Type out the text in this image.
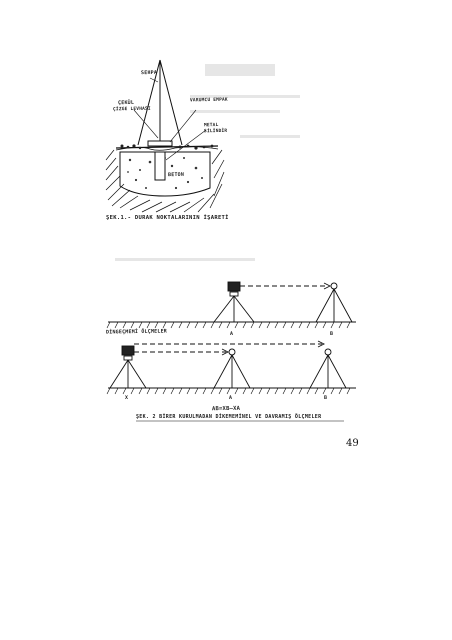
SEHPA
ÇEKÜL
ÇİZGE LEVHASI
VARUMCU EMPAK
METAL SİLİNDİR
BETON
ŞEK.1.- DURAK NOKTALARININ İŞARETİ
DİNGEÇMEMİ ÖLÇMELER	A	B
X	A	B
AB=XB–XA
ŞEK. 2 BİRER KURULMADAN DİKEMEMİNEL VE DAVRAMIŞ ÖLÇMELER
49
